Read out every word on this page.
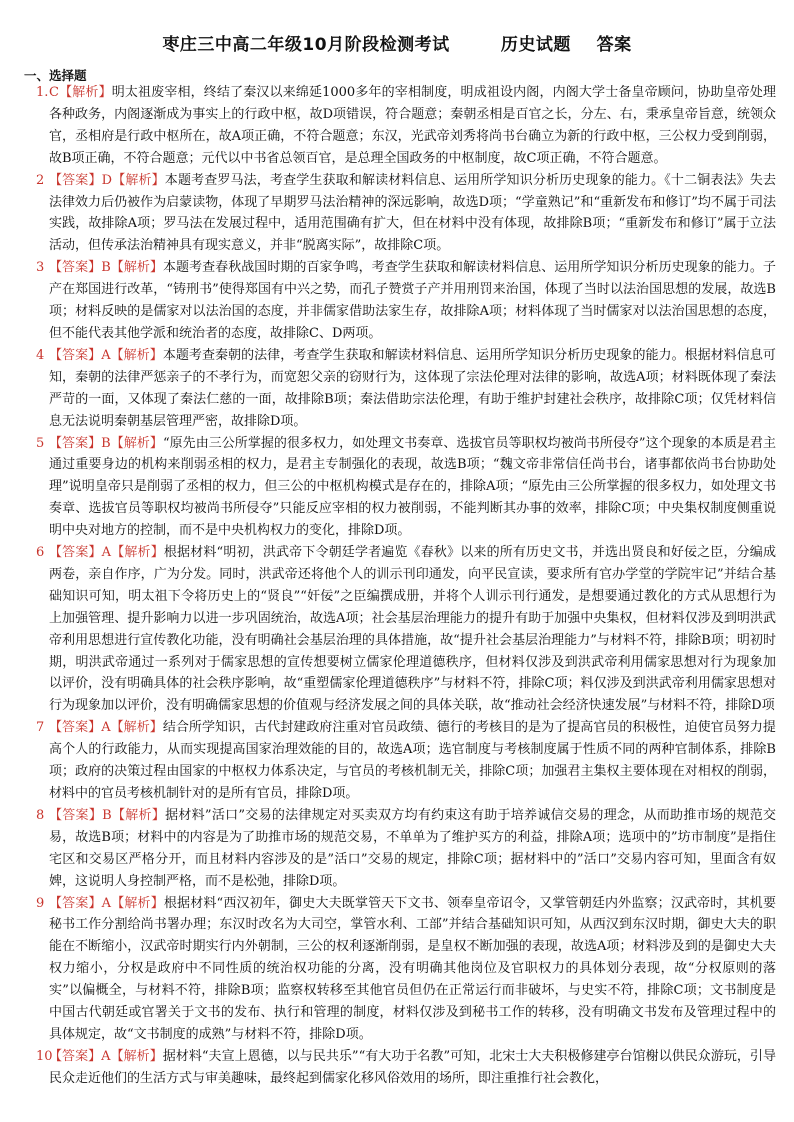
枣庄三中高二年级10月阶段检测考试        历史试题    答案
一、选择题
1. C【解析】明太祖废宰相，终结了秦汉以来绵延1000多年的宰相制度，明成祖设内阁，内阁大学士备皇帝顾问，协助皇帝处理各种政务，内阁逐渐成为事实上的行政中枢，故D项错误，符合题意；秦朝丞相是百官之长，分左、右，秉承皇帝旨意，统领众官，丞相府是行政中枢所在，故A项正确，不符合题意；东汉，光武帝刘秀将尚书台确立为新的行政中枢，三公权力受到削弱，故B项正确，不符合题意；元代以中书省总领百官，是总理全国政务的中枢制度，故C项正确，不符合题意。
2 【答案】D【解析】本题考查罗马法，考查学生获取和解读材料信息、运用所学知识分析历史现象的能力。《十二铜表法》失去法律效力后仍被作为启蒙读物，体现了早期罗马法治精神的深远影响，故选D项；“学童熟记”和“重新发布和修订”均不属于司法实践，故排除A项；罗马法在发展过程中，适用范围确有扩大，但在材料中没有体现，故排除B项；“重新发布和修订”属于立法活动，但传承法治精神具有现实意义，并非“脱离实际”，故排除C项。
3 【答案】B【解析】本题考查春秋战国时期的百家争鸣，考查学生获取和解读材料信息、运用所学知识分析历史现象的能力。子产在郑国进行改革，“铸刑书”使得郑国有中兴之势，而孔子赞赏子产并用刑罚来治国，体现了当时以法治国思想的发展，故选B项；材料反映的是儒家对以法治国的态度，并非儒家借助法家生存，故排除A项；材料体现了当时儒家对以法治国思想的态度，但不能代表其他学派和统治者的态度，故排除C、D两项。
4 【答案】A【解析】本题考查秦朝的法律，考查学生获取和解读材料信息、运用所学知识分析历史现象的能力。根据材料信息可知，秦朝的法律严惩亲子的不孝行为，而宽恕父亲的窃财行为，这体现了宗法伦理对法律的影响，故选A项；材料既体现了秦法严苛的一面，又体现了秦法仁慈的一面，故排除B项；秦法借助宗法伦理，有助于维护封建社会秩序，故排除C项；仅凭材料信息无法说明秦朝基层管理严密，故排除D项。
5 【答案】B【解析】“原先由三公所掌握的很多权力，如处理文书奏章、选拔官员等职权均被尚书所侵夺”这个现象的本质是君主通过重要身边的机构来削弱丞相的权力，是君主专制强化的表现，故选B项；“魏文帝非常信任尚书台，诸事都依尚书台协助处理”说明皇帝只是削弱了丞相的权力，但三公的中枢机构模式是存在的，排除A项；“原先由三公所掌握的很多权力，如处理文书奏章、选拔官员等职权均被尚书所侵夺”只能反应宰相的权力被削弱，不能判断其办事的效率，排除C项；中央集权制度侧重说明中央对地方的控制，而不是中央机构权力的变化，排除D项。
6 【答案】A【解析】根据材料“明初，洪武帝下令朝廷学者遍览《春秋》以来的所有历史文书，并选出贤良和好佞之臣，分编成两卷，亲自作序，广为分发。同时，洪武帝还将他个人的训示刊印通发，向平民宣读，要求所有官办学堂的学院牢记”并结合基础知识可知，明太祖下令将历史上的“贤良”“奸佞”之臣编撰成册，并将个人训示刊行通发，是想要通过教化的方式从思想行为上加强管理、提升影响力以进一步巩固统治，故选A项；社会基层治理能力的提升有助于加强中央集权，但材料仅涉及到明洪武帝利用思想进行宣传教化功能，没有明确社会基层治理的具体措施，故“提升社会基层治理能力”与材料不符，排除B项；明初时期，明洪武帝通过一系列对于儒家思想的宣传想要树立儒家伦理道德秩序，但材料仅涉及到洪武帝利用儒家思想对行为现象加以评价，没有明确具体的社会秩序影响，故“重塑儒家伦理道德秩序”与材料不符，排除C项；料仅涉及到洪武帝利用儒家思想对行为现象加以评价，没有明确儒家思想的价值观与经济发展之间的具体关联，故“推动社会经济快速发展”与材料不符，排除D项
7 【答案】A【解析】结合所学知识，古代封建政府注重对官员政绩、德行的考核目的是为了提高官员的积极性，迫使官员努力提高个人的行政能力，从而实现提高国家治理效能的目的，故选A项；选官制度与考核制度属于性质不同的两种官制体系，排除B项；政府的决策过程由国家的中枢权力体系决定，与官员的考核机制无关，排除C项；加强君主集权主要体现在对相权的削弱，材料中的官员考核机制针对的是所有官员，排除D项。
8 【答案】B【解析】据材料”活口”交易的法律规定对买卖双方均有约束这有助于培养诚信交易的理念，从而助推市场的规范交易，故选B项；材料中的内容是为了助推市场的规范交易，不单单为了维护买方的利益，排除A项；选项中的”坊市制度”是指住宅区和交易区严格分开，而且材料内容涉及的是”活口”交易的规定，排除C项；据材料中的”活口”交易内容可知，里面含有奴婢，这说明人身控制严格，而不是松弛，排除D项。
9 【答案】A【解析】根据材料“西汉初年，御史大夫既掌管天下文书、领奉皇帝诏令，又掌管朝廷内外监察；汉武帝时，其机要秘书工作分割给尚书署办理；东汉时改名为大司空，掌管水利、工部”并结合基础知识可知，从西汉到东汉时期，御史大夫的职能在不断缩小，汉武帝时期实行内外朝制，三公的权利逐渐削弱，是皇权不断加强的表现，故选A项；材料涉及到的是御史大夫权力缩小，分权是政府中不同性质的统治权功能的分离，没有明确其他岗位及官职权力的具体划分表现，故“分权原则的落实”以偏概全，与材料不符，排除B项；监察权转移至其他官员但仍在正常运行而非破坏，与史实不符，排除C项；文书制度是中国古代朝廷或官署关于文书的发布、执行和管理的制度，材料仅涉及到秘书工作的转移，没有明确文书发布及管理过程中的具体规定，故“文书制度的成熟”与材料不符，排除D项。
10
【答案】A【解析】据材料“夫宣上恩德，以与民共乐”“有大功于名教”可知，北宋士大夫积极修建亭台馆榭以供民众游玩，引导民众走近他们的生活方式与审美趣味，最终起到儒家化移风俗效用的场所，即注重推行社会教化，
